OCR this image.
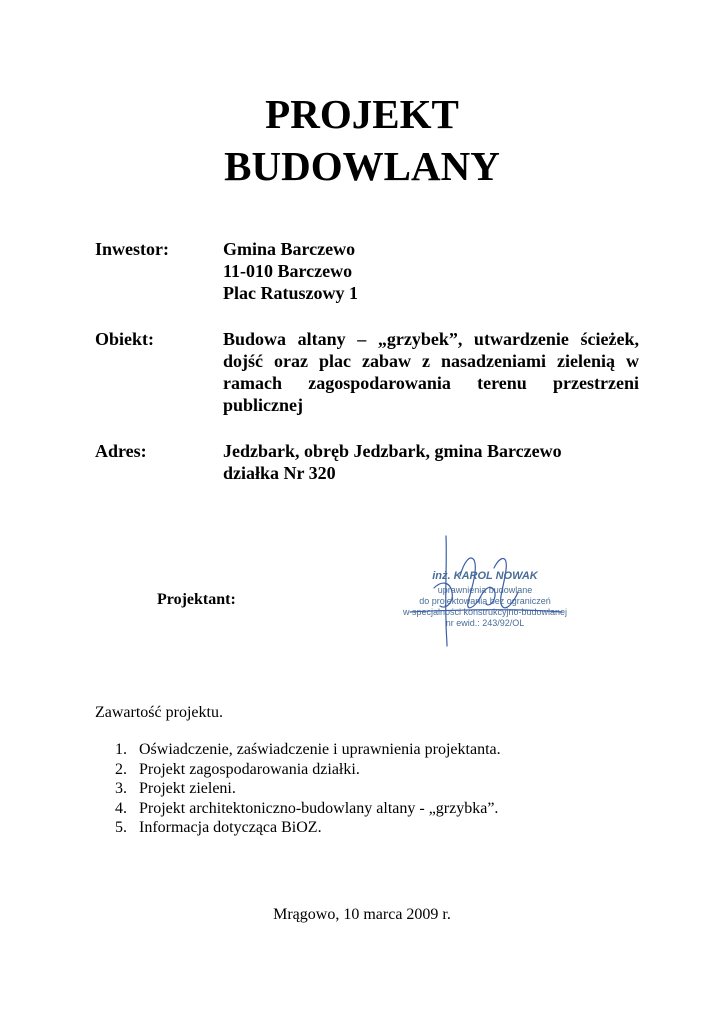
PROJEKT
BUDOWLANY
Inwestor:	Gmina Barczewo
11-010 Barczewo
Plac Ratuszowy 1
Obiekt:	Budowa altany – „grzybek”, utwardzenie ścieżek,
dojść oraz plac zabaw z nasadzeniami zielenią w
ramach zagospodarowania terenu przestrzeni
publicznej
Adres:	Jedzbark, obręb Jedzbark, gmina Barczewo
działka Nr 320
Projektant:
inż. KAROL NOWAK
uprawnienia budowlane
do projektowania bez ograniczeń
w specjalności konstrukcyjno-budowlanej
nr ewid.: 243/92/OL
Zawartość projektu.
1. Oświadczenie, zaświadczenie i uprawnienia projektanta.
2. Projekt zagospodarowania działki.
3. Projekt zieleni.
4. Projekt architektoniczno-budowlany altany - „grzybka”.
5. Informacja dotycząca BiOZ.
Mrągowo, 10 marca 2009 r.
